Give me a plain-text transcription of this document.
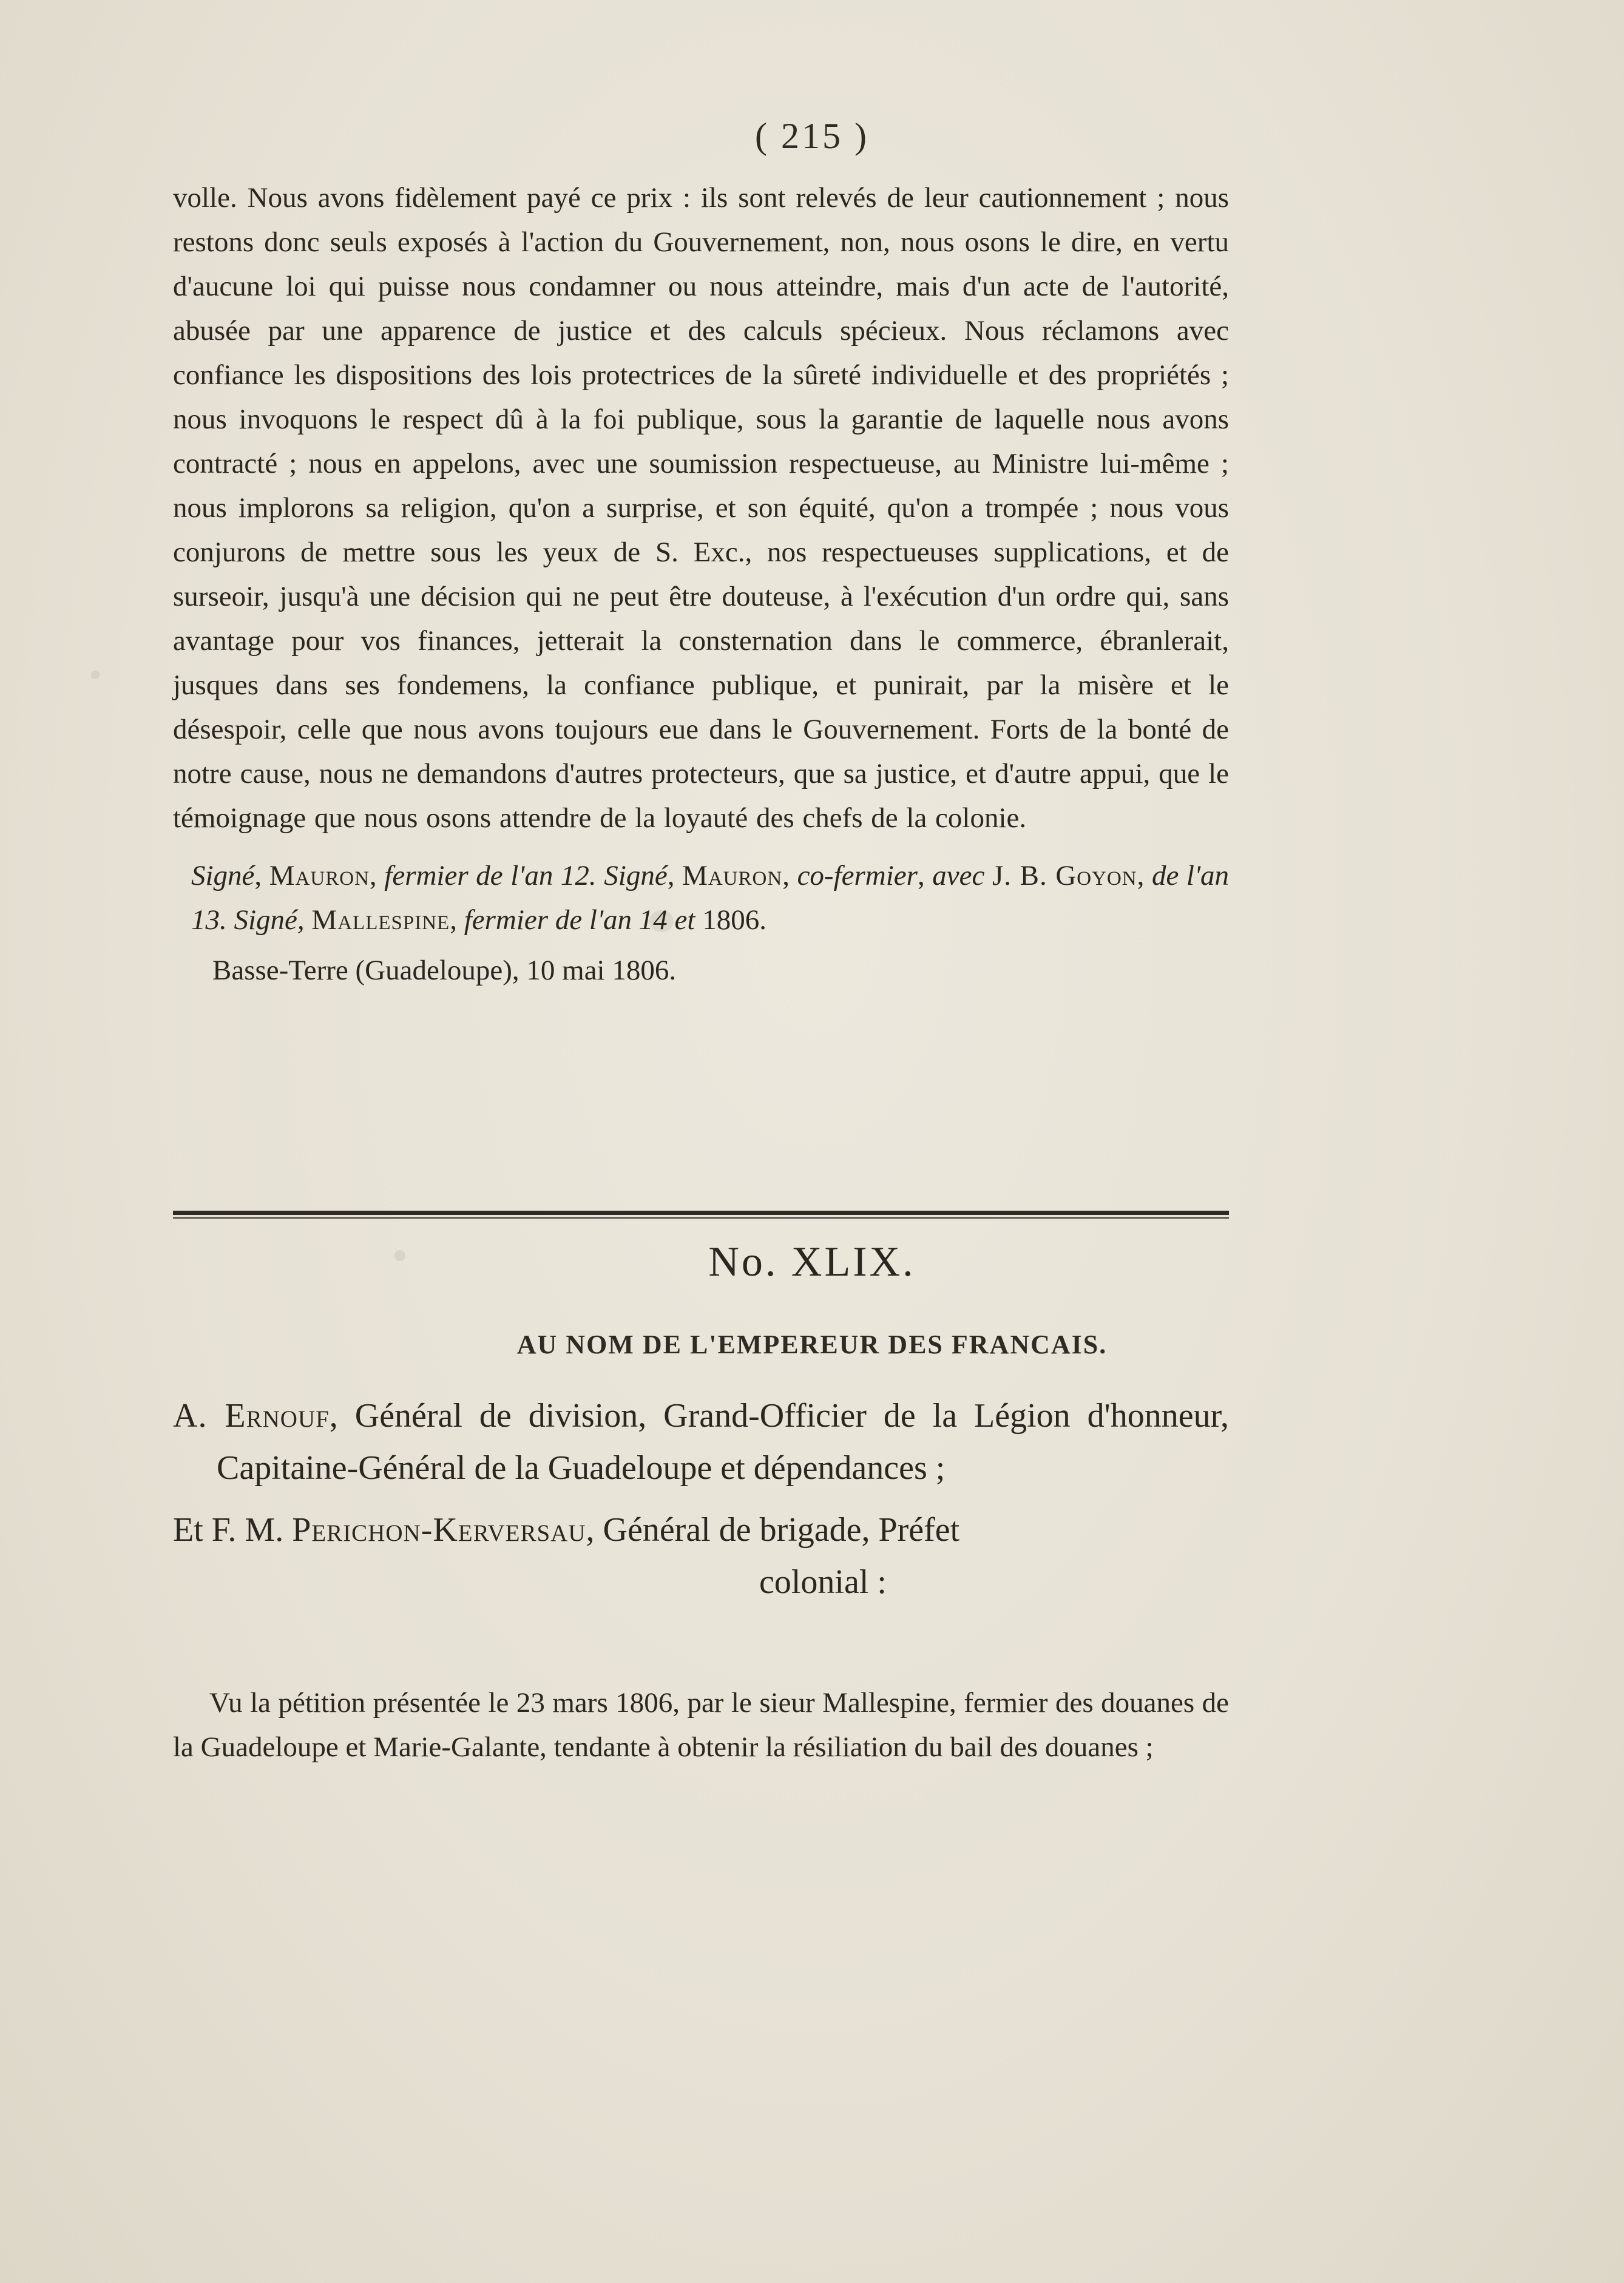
( 215 )

volle. Nous avons fidèlement payé ce prix : ils sont relevés de leur cautionnement ; nous restons donc seuls exposés à l'action du Gouvernement, non, nous osons le dire, en vertu d'aucune loi qui puisse nous condamner ou nous atteindre, mais d'un acte de l'autorité, abusée par une apparence de justice et des calculs spécieux. Nous réclamons avec confiance les dispositions des lois protectrices de la sûreté individuelle et des propriétés ; nous invoquons le respect dû à la foi publique, sous la garantie de laquelle nous avons contracté ; nous en appelons, avec une soumission respectueuse, au Ministre lui-même ; nous implorons sa religion, qu'on a surprise, et son équité, qu'on a trompée ; nous vous conjurons de mettre sous les yeux de S. Exc., nos respectueuses supplications, et de surseoir, jusqu'à une décision qui ne peut être douteuse, à l'exécution d'un ordre qui, sans avantage pour vos finances, jetterait la consternation dans le commerce, ébranlerait, jusques dans ses fondemens, la confiance publique, et punirait, par la misère et le désespoir, celle que nous avons toujours eue dans le Gouvernement. Forts de la bonté de notre cause, nous ne demandons d'autres protecteurs, que sa justice, et d'autre appui, que le témoignage que nous osons attendre de la loyauté des chefs de la colonie.

Signé, Mauron, fermier de l'an 12. Signé, Mauron, co-fermier, avec J. B. Goyon, de l'an 13. Signé, Mallespine, fermier de l'an 14 et 1806.

Basse-Terre (Guadeloupe), 10 mai 1806.

No. XLIX.
AU NOM DE L'EMPEREUR DES FRANCAIS.

A. Ernouf, Général de division, Grand-Officier de la Légion d'honneur, Capitaine-Général de la Guadeloupe et dépendances ;

Et F. M. Perichon-Kerversau, Général de brigade, Préfet
colonial :

Vu la pétition présentée le 23 mars 1806, par le sieur Mallespine, fermier des douanes de la Guadeloupe et Marie-Galante, tendante à obtenir la résiliation du bail des douanes ;
